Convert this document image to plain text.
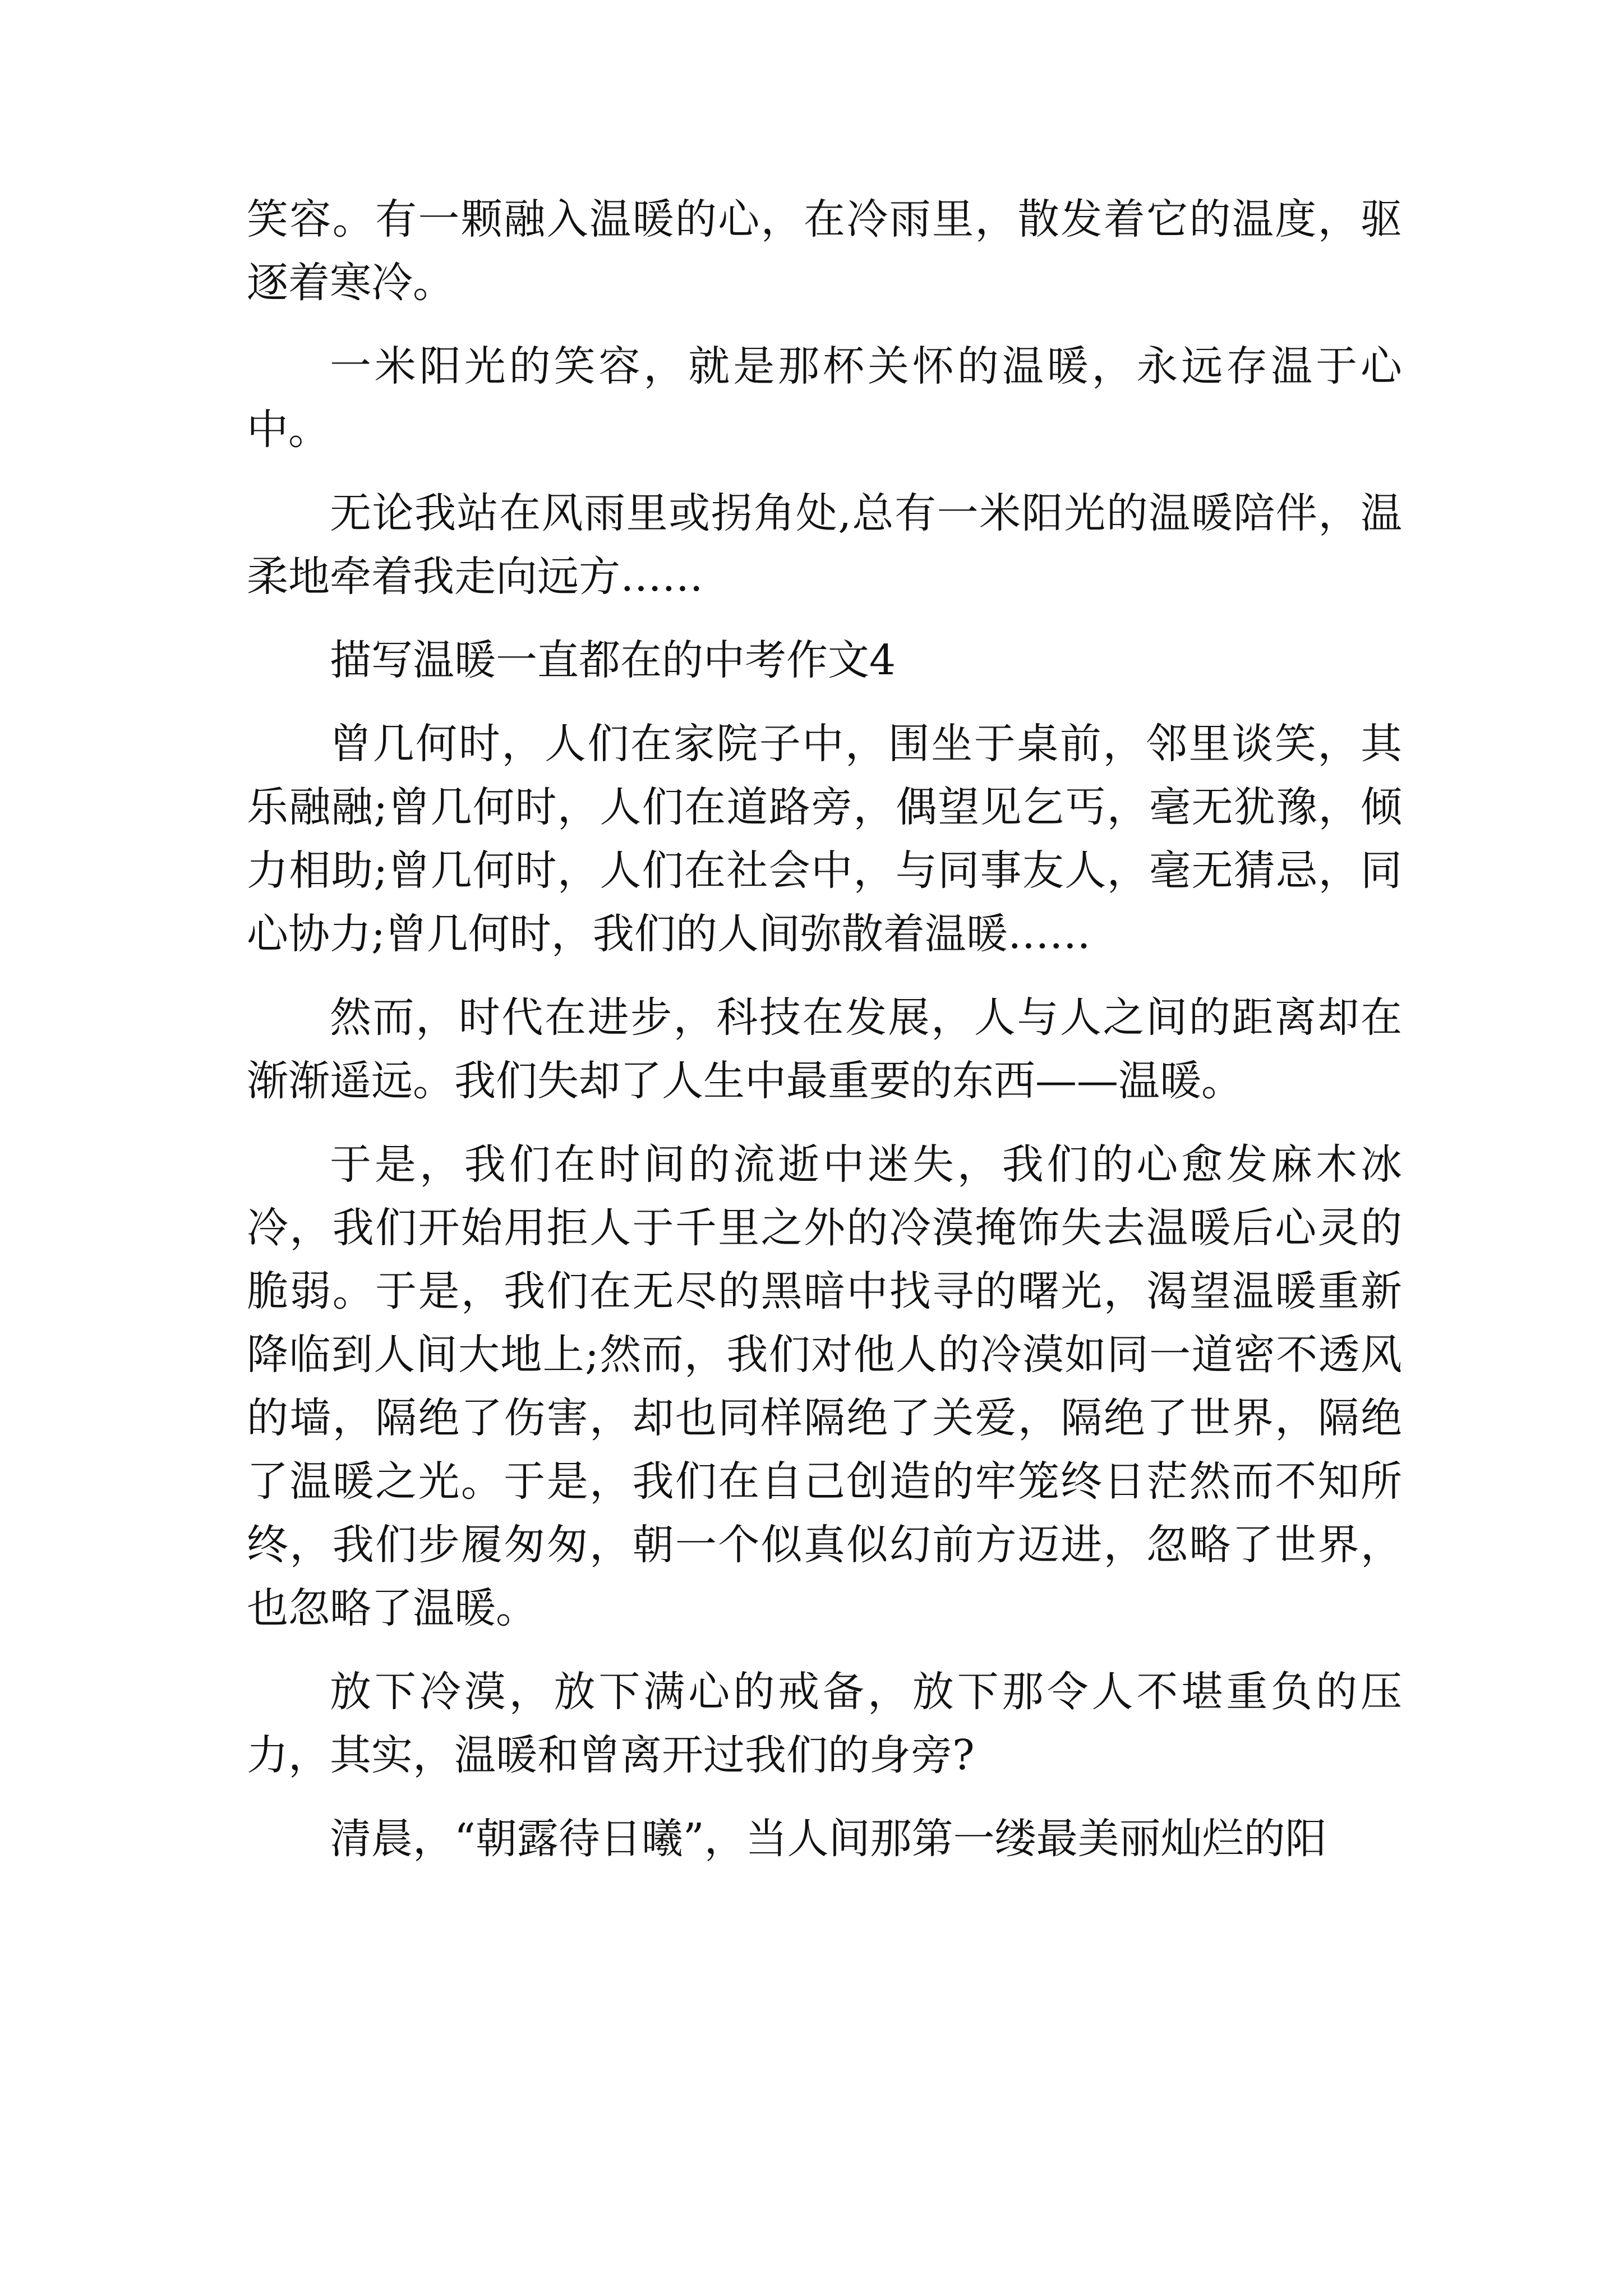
笑容。有一颗融入温暖的心，在冷雨里，散发着它的温度，驱逐着寒冷。

一米阳光的笑容，就是那杯关怀的温暖，永远存温于心中。

无论我站在风雨里或拐角处,总有一米阳光的温暖陪伴，温柔地牵着我走向远方……

描写温暖一直都在的中考作文4

曾几何时，人们在家院子中，围坐于桌前，邻里谈笑，其乐融融;曾几何时，人们在道路旁，偶望见乞丐，毫无犹豫，倾力相助;曾几何时，人们在社会中，与同事友人，毫无猜忌，同心协力;曾几何时，我们的人间弥散着温暖……

然而，时代在进步，科技在发展，人与人之间的距离却在渐渐遥远。我们失却了人生中最重要的东西——温暖。

于是，我们在时间的流逝中迷失，我们的心愈发麻木冰冷，我们开始用拒人于千里之外的冷漠掩饰失去温暖后心灵的脆弱。于是，我们在无尽的黑暗中找寻的曙光，渴望温暖重新降临到人间大地上;然而，我们对他人的冷漠如同一道密不透风的墙，隔绝了伤害，却也同样隔绝了关爱，隔绝了世界，隔绝了温暖之光。于是，我们在自己创造的牢笼终日茫然而不知所终，我们步履匆匆，朝一个似真似幻前方迈进，忽略了世界，也忽略了温暖。

放下冷漠，放下满心的戒备，放下那令人不堪重负的压力，其实，温暖和曾离开过我们的身旁?

清晨，“朝露待日曦”，当人间那第一缕最美丽灿烂的阳
